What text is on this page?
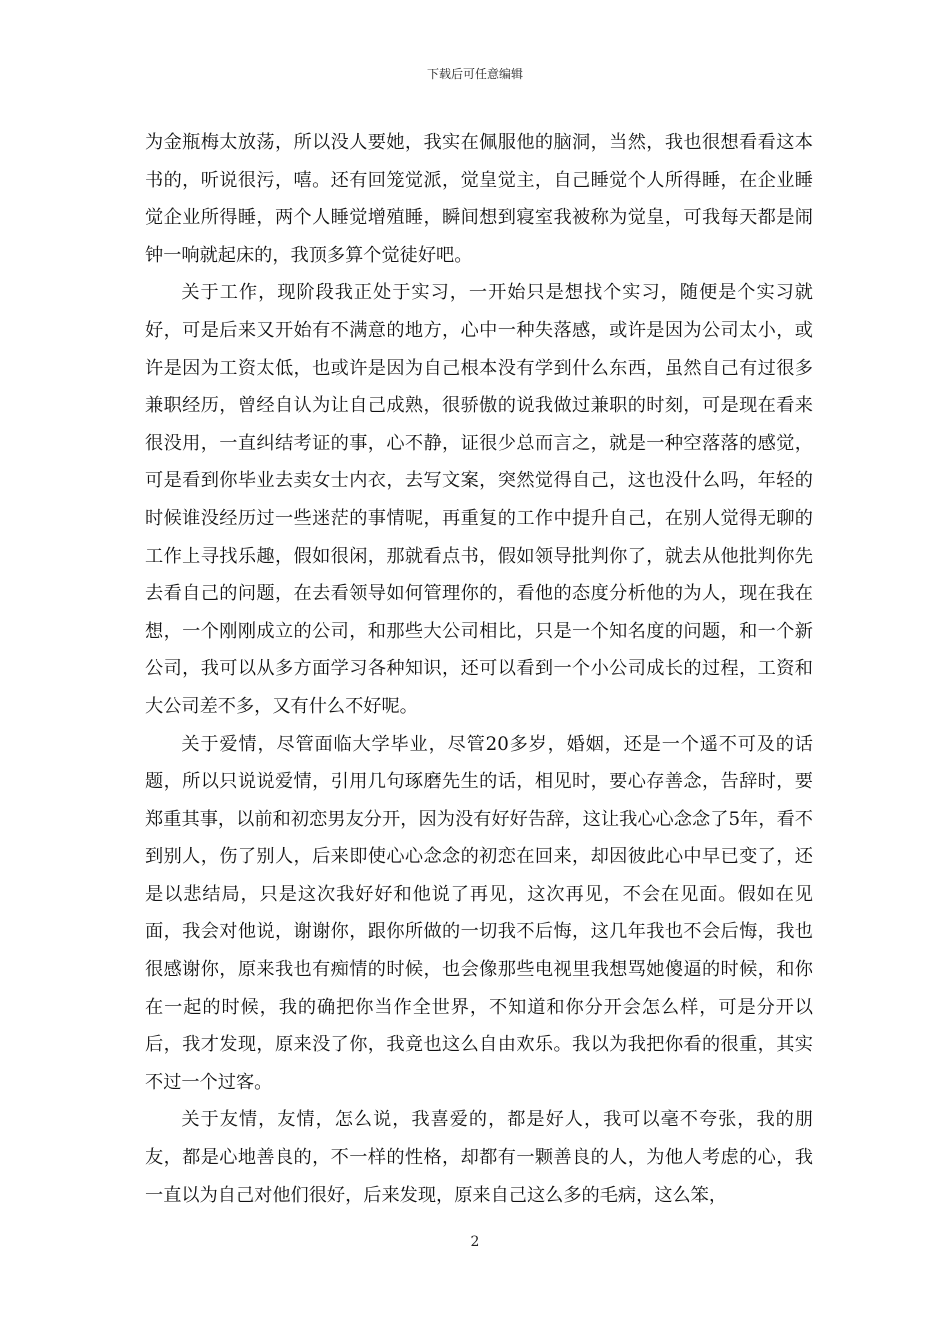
下载后可任意编辑

为金瓶梅太放荡，所以没人要她，我实在佩服他的脑洞，当然，我也很想看看这本书的，听说很污，嘻。还有回笼觉派，觉皇觉主，自己睡觉个人所得睡，在企业睡觉企业所得睡，两个人睡觉增殖睡，瞬间想到寝室我被称为觉皇，可我每天都是闹钟一响就起床的，我顶多算个觉徒好吧。

关于工作，现阶段我正处于实习，一开始只是想找个实习，随便是个实习就好，可是后来又开始有不满意的地方，心中一种失落感，或许是因为公司太小，或许是因为工资太低，也或许是因为自己根本没有学到什么东西，虽然自己有过很多兼职经历，曾经自认为让自己成熟，很骄傲的说我做过兼职的时刻，可是现在看来很没用，一直纠结考证的事，心不静，证很少总而言之，就是一种空落落的感觉，可是看到你毕业去卖女士内衣，去写文案，突然觉得自己，这也没什么吗，年轻的时候谁没经历过一些迷茫的事情呢，再重复的工作中提升自己，在别人觉得无聊的工作上寻找乐趣，假如很闲，那就看点书，假如领导批判你了，就去从他批判你先去看自己的问题，在去看领导如何管理你的，看他的态度分析他的为人，现在我在想，一个刚刚成立的公司，和那些大公司相比，只是一个知名度的问题，和一个新公司，我可以从多方面学习各种知识，还可以看到一个小公司成长的过程，工资和大公司差不多，又有什么不好呢。

关于爱情，尽管面临大学毕业，尽管20多岁，婚姻，还是一个遥不可及的话题，所以只说说爱情，引用几句琢磨先生的话，相见时，要心存善念，告辞时，要郑重其事，以前和初恋男友分开，因为没有好好告辞，这让我心心念念了5年，看不到别人，伤了别人，后来即使心心念念的初恋在回来，却因彼此心中早已变了，还是以悲结局，只是这次我好好和他说了再见，这次再见，不会在见面。假如在见面，我会对他说，谢谢你，跟你所做的一切我不后悔，这几年我也不会后悔，我也很感谢你，原来我也有痴情的时候，也会像那些电视里我想骂她傻逼的时候，和你在一起的时候，我的确把你当作全世界，不知道和你分开会怎么样，可是分开以后，我才发现，原来没了你，我竟也这么自由欢乐。我以为我把你看的很重，其实不过一个过客。

关于友情，友情，怎么说，我喜爱的，都是好人，我可以毫不夸张，我的朋友，都是心地善良的，不一样的性格，却都有一颗善良的人，为他人考虑的心，我一直以为自己对他们很好，后来发现，原来自己这么多的毛病，这么笨，

2
